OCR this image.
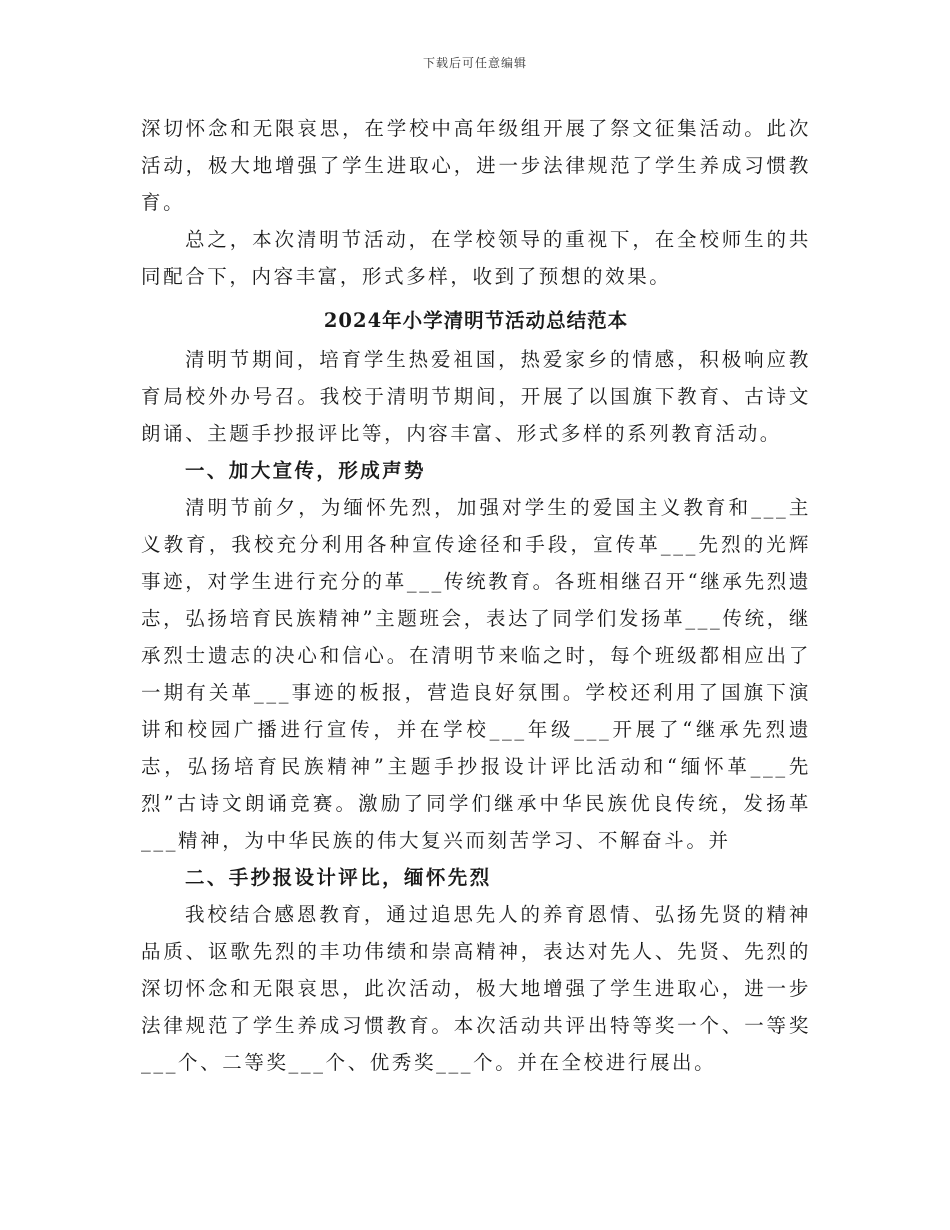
下载后可任意编辑

深切怀念和无限哀思，在学校中高年级组开展了祭文征集活动。此次活动，极大地增强了学生进取心，进一步法律规范了学生养成习惯教育。

总之，本次清明节活动，在学校领导的重视下，在全校师生的共同配合下，内容丰富，形式多样，收到了预想的效果。

2024年小学清明节活动总结范本

清明节期间，培育学生热爱祖国，热爱家乡的情感，积极响应教育局校外办号召。我校于清明节期间，开展了以国旗下教育、古诗文朗诵、主题手抄报评比等，内容丰富、形式多样的系列教育活动。

一、加大宣传，形成声势

清明节前夕，为缅怀先烈，加强对学生的爱国主义教育和___主义教育，我校充分利用各种宣传途径和手段，宣传革___先烈的光辉事迹，对学生进行充分的革___传统教育。各班相继召开“继承先烈遗志，弘扬培育民族精神”主题班会，表达了同学们发扬革___传统，继承烈士遗志的决心和信心。在清明节来临之时，每个班级都相应出了一期有关革___事迹的板报，营造良好氛围。学校还利用了国旗下演讲和校园广播进行宣传，并在学校___年级___开展了“继承先烈遗志，弘扬培育民族精神”主题手抄报设计评比活动和“缅怀革___先烈”古诗文朗诵竞赛。激励了同学们继承中华民族优良传统，发扬革___精神，为中华民族的伟大复兴而刻苦学习、不解奋斗。并

二、手抄报设计评比，缅怀先烈

我校结合感恩教育，通过追思先人的养育恩情、弘扬先贤的精神品质、讴歌先烈的丰功伟绩和崇高精神，表达对先人、先贤、先烈的深切怀念和无限哀思，此次活动，极大地增强了学生进取心，进一步法律规范了学生养成习惯教育。本次活动共评出特等奖一个、一等奖___个、二等奖___个、优秀奖___个。并在全校进行展出。
